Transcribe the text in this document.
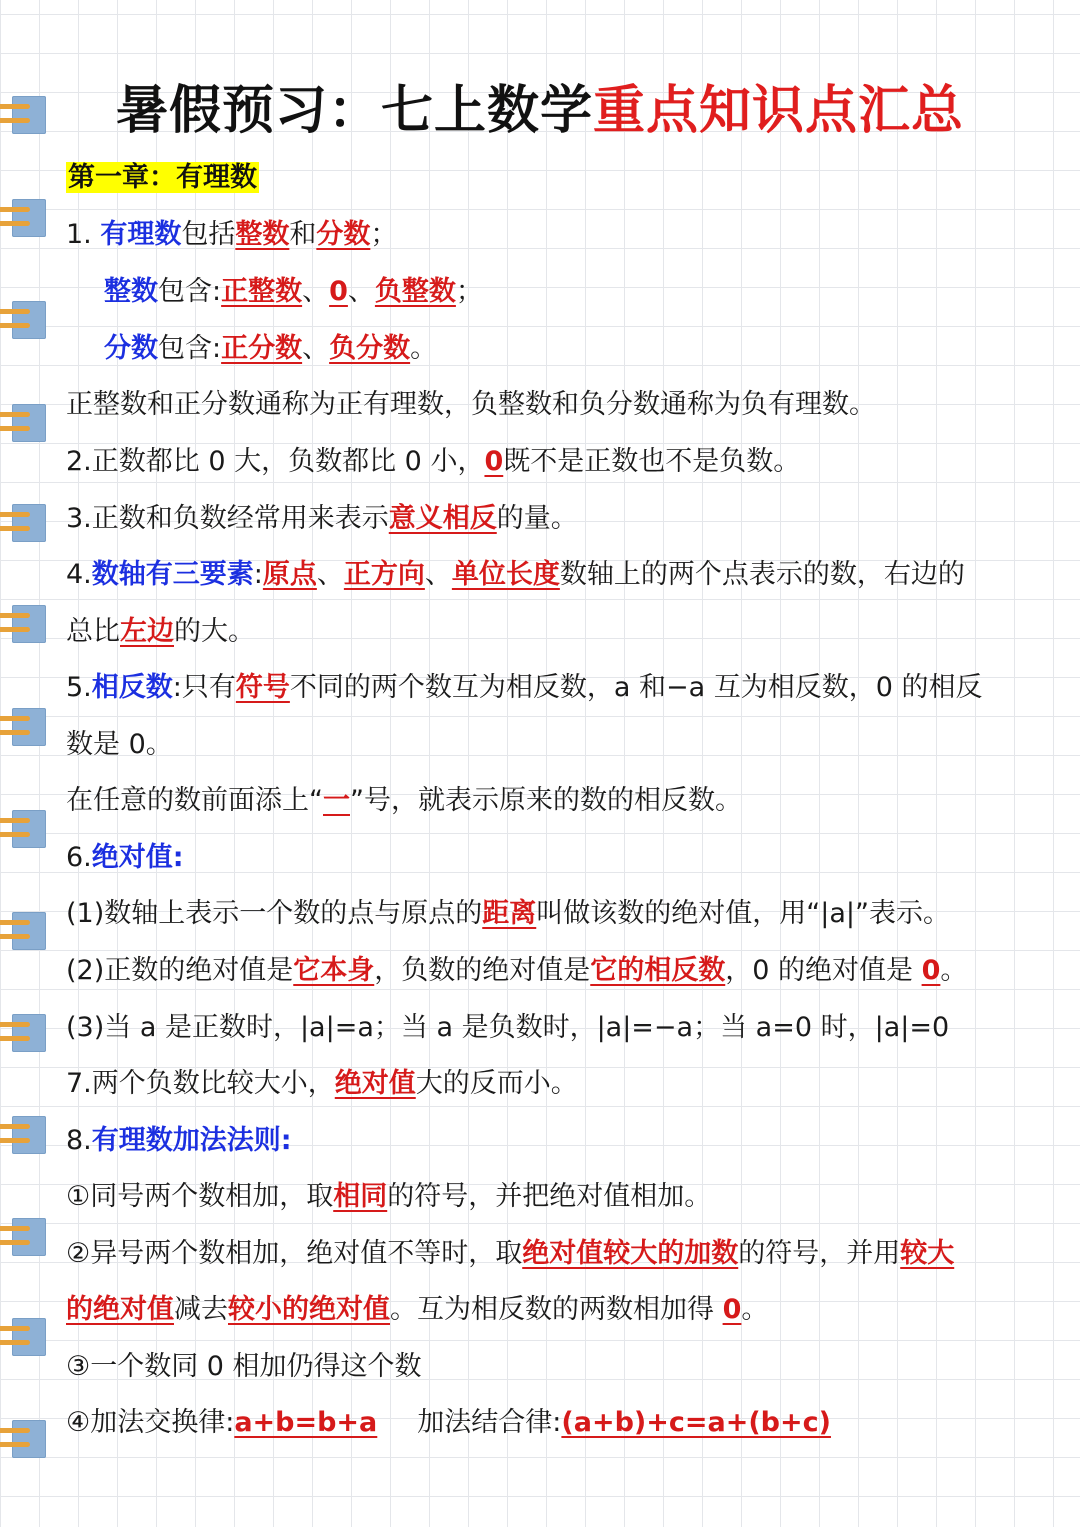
暑假预习：七上数学重点知识点汇总
第一章：有理数
1. 有理数包括整数和分数；
整数包含:正整数、0、负整数；
分数包含:正分数、负分数。
正整数和正分数通称为正有理数，负整数和负分数通称为负有理数。
2.正数都比 0 大，负数都比 0 小，0既不是正数也不是负数。
3.正数和负数经常用来表示意义相反的量。
4.数轴有三要素:原点、正方向、单位长度数轴上的两个点表示的数，右边的
总比左边的大。
5.相反数:只有符号不同的两个数互为相反数，a 和−a 互为相反数，0 的相反
数是 0。
在任意的数前面添上“一”号，就表示原来的数的相反数。
6.绝对值:
(1)数轴上表示一个数的点与原点的距离叫做该数的绝对值，用“|a|”表示。
(2)正数的绝对值是它本身，负数的绝对值是它的相反数，0 的绝对值是 0。
(3)当 a 是正数时，|a|=a；当 a 是负数时，|a|=−a；当 a=0 时，|a|=0
7.两个负数比较大小，绝对值大的反而小。
8.有理数加法法则:
①同号两个数相加，取相同的符号，并把绝对值相加。
②异号两个数相加，绝对值不等时，取绝对值较大的加数的符号，并用较大
的绝对值减去较小的绝对值。互为相反数的两数相加得 0。
③一个数同 0 相加仍得这个数
④加法交换律:a+b=b+a 加法结合律:(a+b)+c=a+(b+c)
